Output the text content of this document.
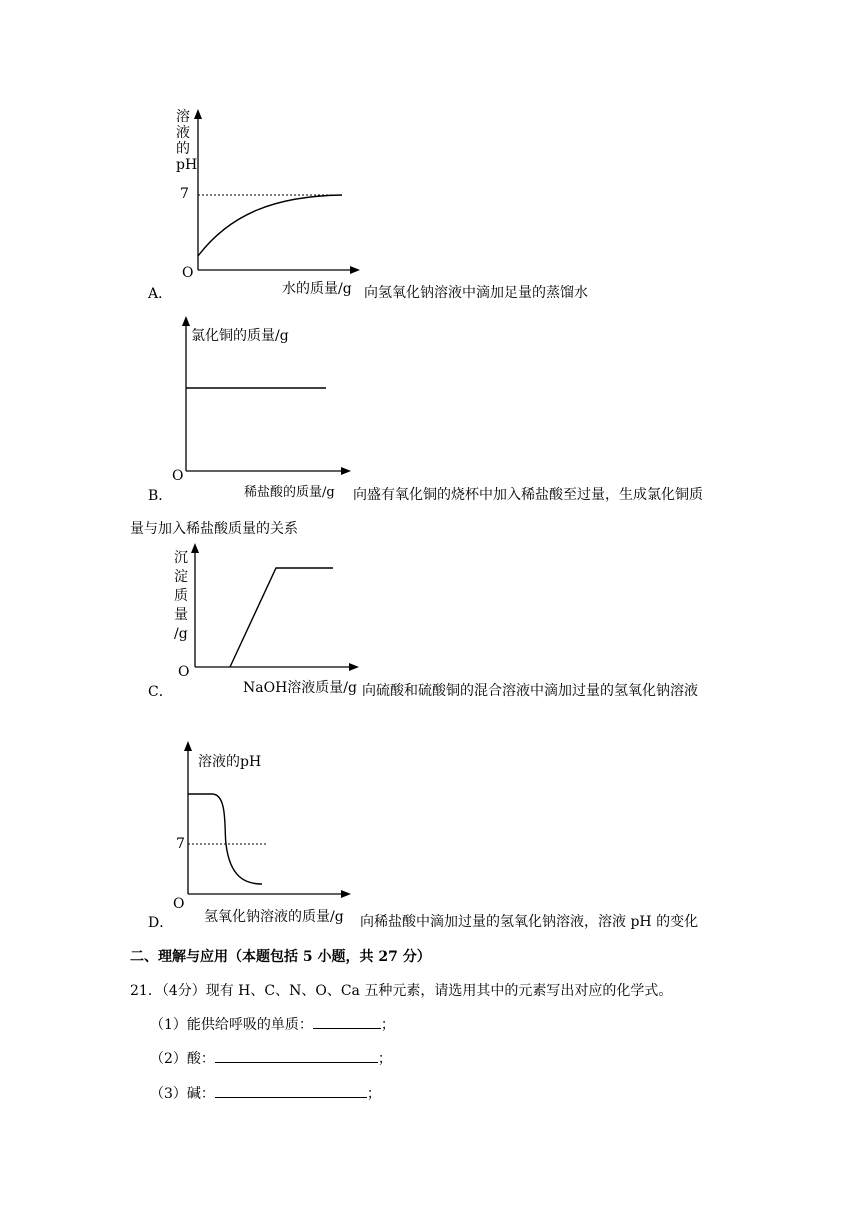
溶
液
的
pH
7
O
水的质量/g
A．	向氢氧化钠溶液中滴加足量的蒸馏水
氯化铜的质量/g
O
稀盐酸的质量/g
B．	向盛有氧化铜的烧杯中加入稀盐酸至过量，生成氯化铜质
量与加入稀盐酸质量的关系
沉
淀
质
量
/g
O
NaOH溶液质量/g
C．	向硫酸和硫酸铜的混合溶液中滴加过量的氢氧化钠溶液
溶液的pH
7
O
氢氧化钠溶液的质量/g
D．	向稀盐酸中滴加过量的氢氧化钠溶液，溶液 pH 的变化
二、理解与应用（本题包括 5 小题，共 27 分）
21．（4分）现有 H、C、N、O、Ca 五种元素，请选用其中的元素写出对应的化学式。
（1）能供给呼吸的单质：	；
（2）酸：	；
（3）碱：	；
